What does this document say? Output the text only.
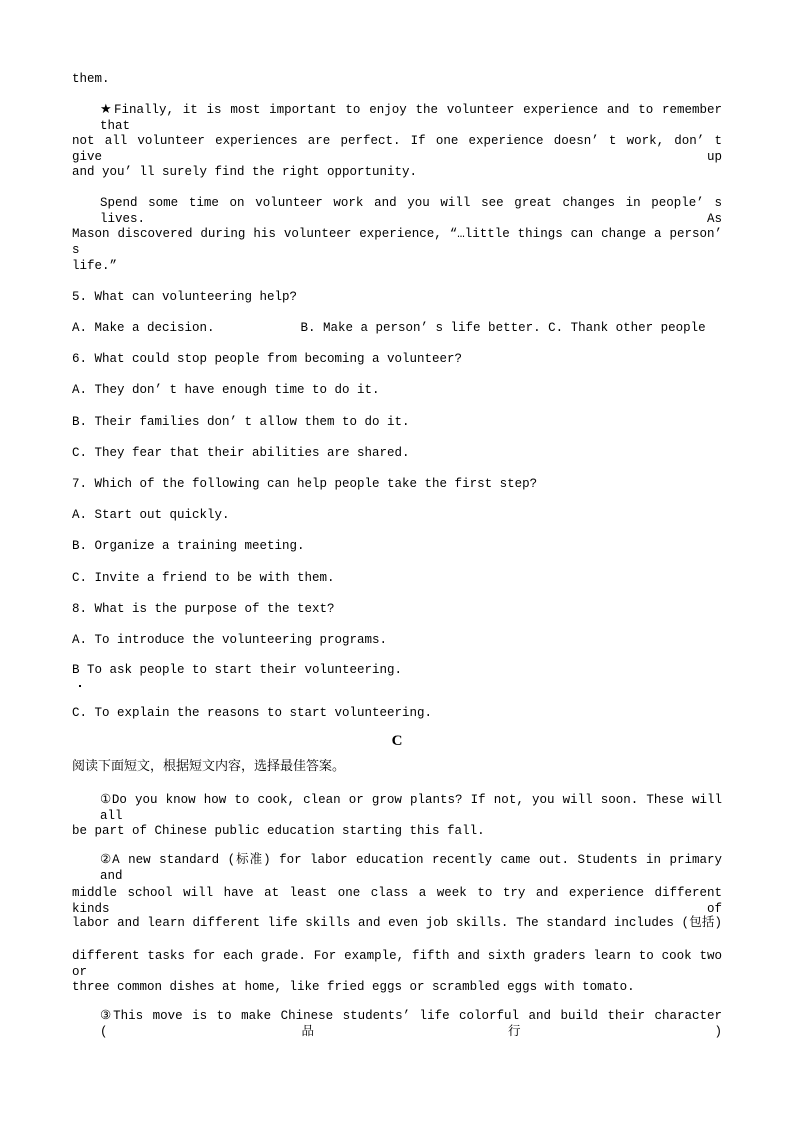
them.
★Finally, it is most important to enjoy the volunteer experience and to remember that
not all volunteer experiences are perfect. If one experience doesn’ t work, don’ t give up
and you’ ll surely find the right opportunity.
Spend some time on volunteer work and you will see great changes in people’ s lives. As
Mason discovered during his volunteer experience, “…little things can change a person’ s
life.”
5. What can volunteering help?
A. Make a decision.	B. Make a person’ s life better. C. Thank other people
6. What could stop people from becoming a volunteer?
A. They don’ t have enough time to do it.
B. Their families don’ t allow them to do it.
C. They fear that their abilities are shared.
7. Which of the following can help people take the first step?
A. Start out quickly.
B. Organize a training meeting.
C. Invite a friend to be with them.
8. What is the purpose of the text?
A. To introduce the volunteering programs.
B To ask people to start their volunteering.
C. To explain the reasons to start volunteering.
C
阅读下面短文，根据短文内容，选择最佳答案。
①Do you know how to cook, clean or grow plants? If not, you will soon. These will all
be part of Chinese public education starting this fall.
②A new standard (标准) for labor education recently came out. Students in primary and
middle school will have at least one class a week to try and experience different kinds of
labor and learn different life skills and even job skills. The standard includes (包括)
different tasks for each grade. For example, fifth and sixth graders learn to cook two or
three common dishes at home, like fried eggs or scrambled eggs with tomato.
③This move is to make Chinese students’ life colorful and build their character (品行)
